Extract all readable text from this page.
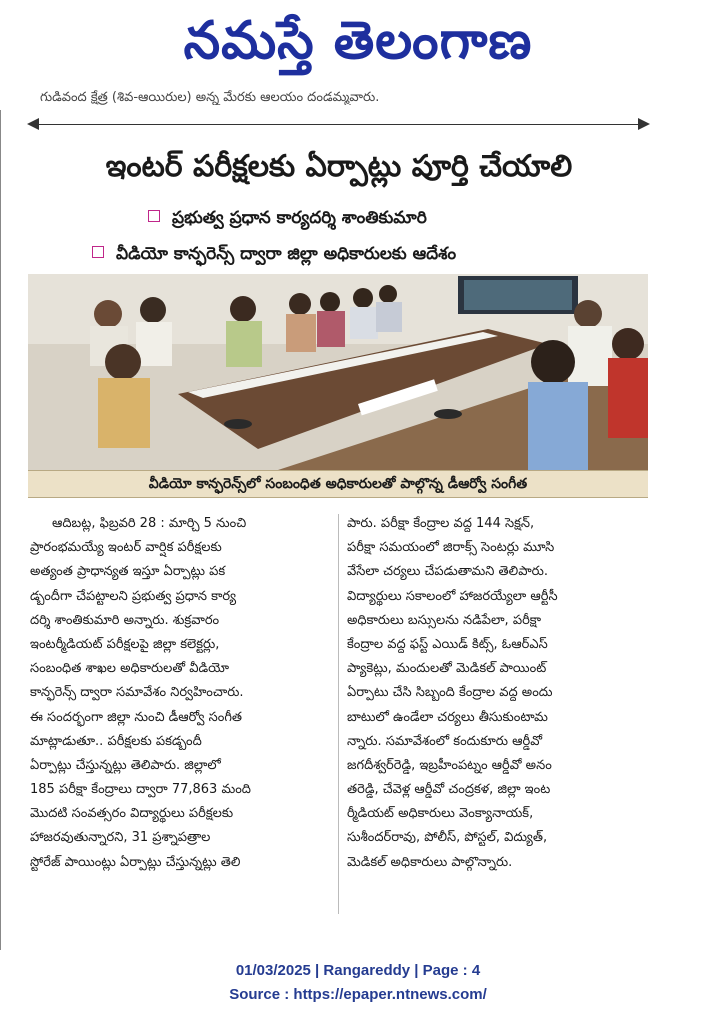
నమస్తే తెలంగాణ
గుడివంద క్షేత్ర (శివ-ఆయిరుల) అన్న మేరకు ఆలయం దండమ్మవారు.
ఇంటర్ పరీక్షలకు ఏర్పాట్లు పూర్తి చేయాలి
ప్రభుత్వ ప్రధాన కార్యదర్శి శాంతికుమారి
వీడియో కాన్ఫరెన్స్ ద్వారా జిల్లా అధికారులకు ఆదేశం
వీడియో కాన్ఫరెన్స్‌లో సంబంధిత అధికారులతో పాల్గొన్న డీఆర్వో సంగీత
ఆదిబట్ల, ఫిబ్రవరి 28 : మార్చి 5 నుంచి
ప్రారంభమయ్యే ఇంటర్ వార్షిక పరీక్షలకు
అత్యంత ప్రాధాన్యత ఇస్తూ ఏర్పాట్లు పక
డ్బందీగా చేపట్టాలని ప్రభుత్వ ప్రధాన కార్య
దర్శి శాంతికుమారి అన్నారు. శుక్రవారం
ఇంటర్మీడియట్ పరీక్షలపై జిల్లా కలెక్టర్లు,
సంబంధిత శాఖల అధికారులతో వీడియో
కాన్ఫరెన్స్ ద్వారా సమావేశం నిర్వహించారు.
ఈ సందర్భంగా జిల్లా నుంచి డీఆర్వో సంగీత
మాట్లాడుతూ.. పరీక్షలకు పకడ్బందీ
ఏర్పాట్లు చేస్తున్నట్లు తెలిపారు. జిల్లాలో
185 పరీక్షా కేంద్రాలు ద్వారా 77,863 మంది
మొదటి సంవత్సరం విద్యార్థులు పరీక్షలకు
హాజరవుతున్నారని, 31 ప్రశ్నాపత్రాల
స్టోరేజ్ పాయింట్లు ఏర్పాట్లు చేస్తున్నట్లు తెలి
పారు. పరీక్షా కేంద్రాల వద్ద 144 సెక్షన్,
పరీక్షా సమయంలో జిరాక్స్ సెంటర్లు మూసి
వేసేలా చర్యలు చేపడుతామని తెలిపారు.
విద్యార్థులు సకాలంలో హాజరయ్యేలా ఆర్టీసీ
అధికారులు బస్సులను నడిపేలా, పరీక్షా
కేంద్రాల వద్ద ఫస్ట్ ఎయిడ్ కిట్స్, ఓఆర్ఎస్
ప్యాకెట్లు, మందులతో మెడికల్ పాయింట్
ఏర్పాటు చేసి సిబ్బంది కేంద్రాల వద్ద అందు
బాటులో ఉండేలా చర్యలు తీసుకుంటామ
న్నారు. సమావేశంలో కందుకూరు ఆర్డీవో
జగదీశ్వర్‌రెడ్డి, ఇబ్రహీంపట్నం ఆర్డీవో అనం
తరెడ్డి, చేవెళ్ల ఆర్డీవో చంద్రకళ, జిల్లా ఇంట
ర్మీడియట్ అధికారులు వెంక్యానాయక్,
సుశీందర్‌రావు, పోలీస్, పోస్టల్, విద్యుత్,
మెడికల్ అధికారులు పాల్గొన్నారు.
01/03/2025 | Rangareddy | Page : 4
Source : https://epaper.ntnews.com/
